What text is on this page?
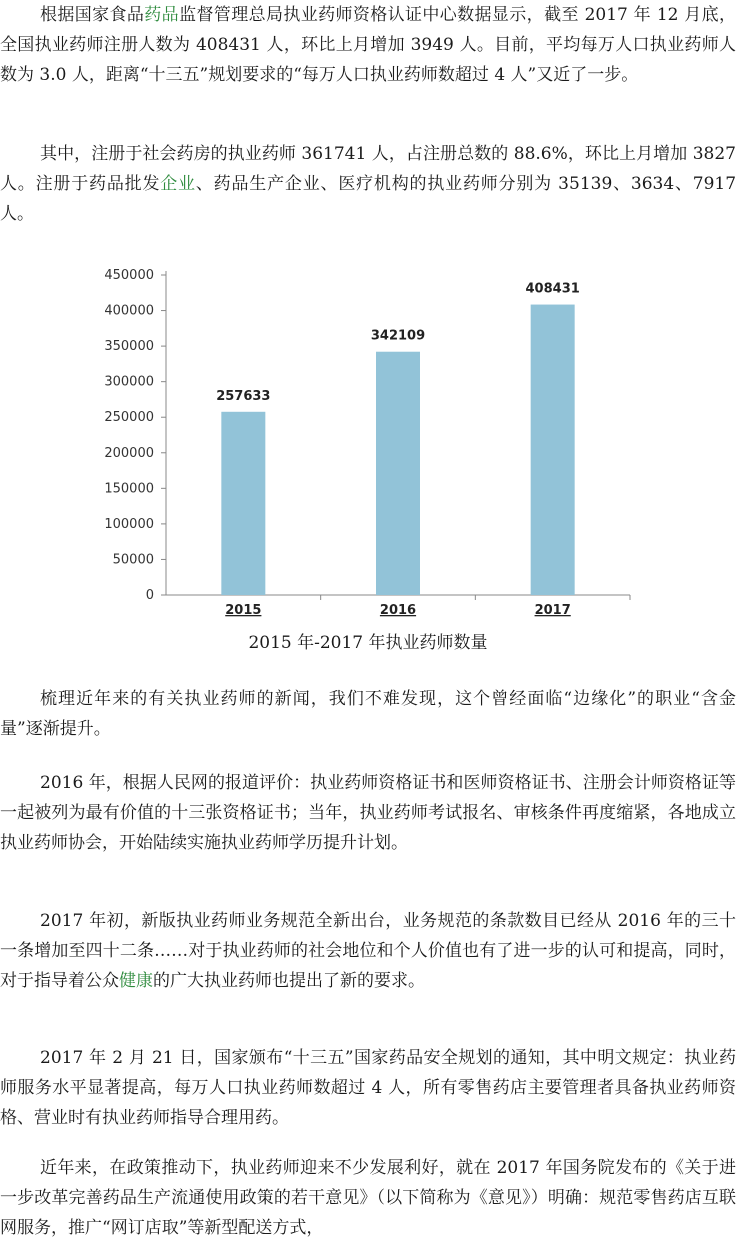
根据国家食品药品监督管理总局执业药师资格认证中心数据显示，截至 2017 年 12 月底，全国执业药师注册人数为 408431 人，环比上月增加 3949 人。目前，平均每万人口执业药师人数为 3.0 人，距离“十三五”规划要求的“每万人口执业药师数超过 4 人”又近了一步。

其中，注册于社会药房的执业药师 361741 人，占注册总数的 88.6%，环比上月增加 3827 人。注册于药品批发企业、药品生产企业、医疗机构的执业药师分别为 35139、3634、7917 人。

0
50000
100000
150000
200000
250000
300000
350000
400000
450000
257633
2015
342109
2016
408431
2017

2015 年-2017 年执业药师数量

梳理近年来的有关执业药师的新闻，我们不难发现，这个曾经面临“边缘化”的职业“含金量”逐渐提升。

2016 年，根据人民网的报道评价：执业药师资格证书和医师资格证书、注册会计师资格证等一起被列为最有价值的十三张资格证书；当年，执业药师考试报名、审核条件再度缩紧，各地成立执业药师协会，开始陆续实施执业药师学历提升计划。

2017 年初，新版执业药师业务规范全新出台，业务规范的条款数目已经从 2016 年的三十一条增加至四十二条……对于执业药师的社会地位和个人价值也有了进一步的认可和提高，同时，对于指导着公众健康的广大执业药师也提出了新的要求。

2017 年 2 月 21 日，国家颁布“十三五”国家药品安全规划的通知，其中明文规定：执业药师服务水平显著提高，每万人口执业药师数超过 4 人，所有零售药店主要管理者具备执业药师资格、营业时有执业药师指导合理用药。

近年来，在政策推动下，执业药师迎来不少发展利好，就在 2017 年国务院发布的《关于进一步改革完善药品生产流通使用政策的若干意见》（以下简称为《意见》）明确：规范零售药店互联网服务，推广“网订店取”等新型配送方式，
